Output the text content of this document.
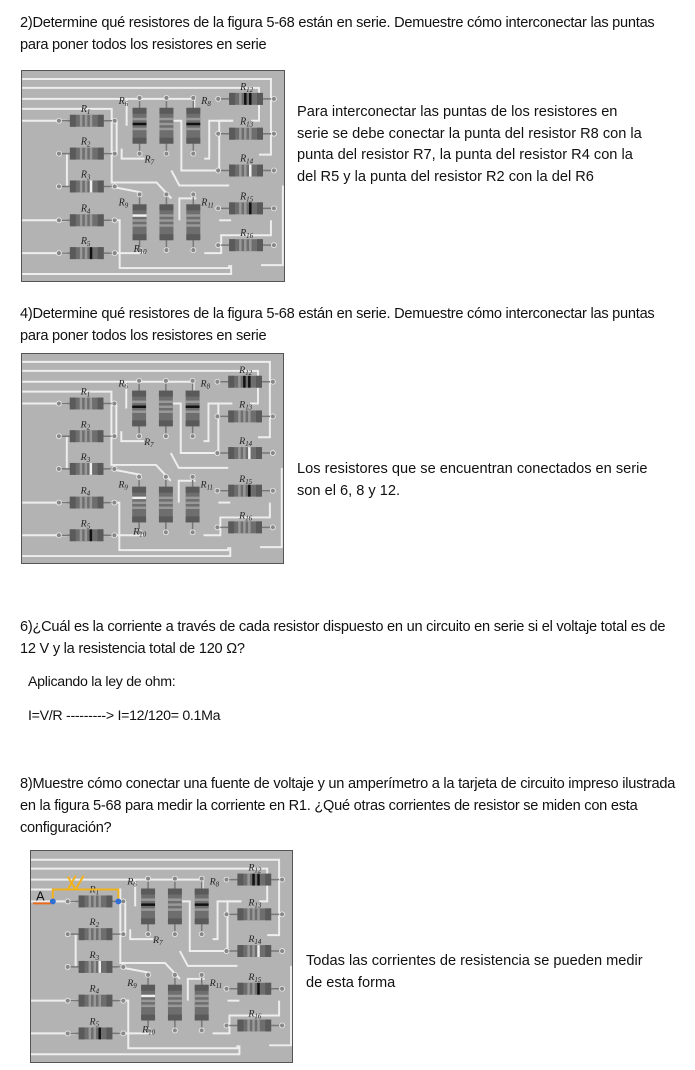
2)Determine qué resistores de la figura 5-68 están en serie. Demuestre cómo interconectar las puntas para poner todos los resistores en serie
$R_1$
$R_2$
$R_3$
$R_4$
$R_5$
$R_{12}$
$R_{13}$
$R_{14}$
$R_{15}$
$R_{16}$
$R_6$
$R_7$
$R_8$
$R_9$
$R_{10}$
$R_{11}$
Para interconectar las puntas de los resistores en
serie se debe conectar la punta del resistor R8 con la
punta del resistor R7, la punta del resistor R4 con la
del R5 y la punta del resistor R2 con la del R6
4)Determine qué resistores de la figura 5-68 están en serie. Demuestre cómo interconectar las puntas para poner todos los resistores en serie
$R_1$
$R_2$
$R_3$
$R_4$
$R_5$
$R_{12}$
$R_{13}$
$R_{14}$
$R_{15}$
$R_{16}$
$R_6$
$R_7$
$R_8$
$R_9$
$R_{10}$
$R_{11}$
Los resistores que se encuentran conectados en serie
son el 6, 8 y 12.
6)¿Cuál es la corriente a través de cada resistor dispuesto en un circuito en serie si el voltaje total es de 12 V y la resistencia total de 120 Ω?
Aplicando la ley de ohm:
I=V/R ---------> I=12/120= 0.1Ma
8)Muestre cómo conectar una fuente de voltaje y un amperímetro a la tarjeta de circuito impreso ilustrada en la figura 5-68 para medir la corriente en R1. ¿Qué otras corrientes de resistor se miden con esta configuración?
$R_1$
$R_2$
$R_3$
$R_4$
$R_5$
$R_{12}$
$R_{13}$
$R_{14}$
$R_{15}$
$R_{16}$
$R_6$
$R_7$
$R_8$
$R_9$
$R_{10}$
$R_{11}$
A
Todas las corrientes de resistencia se pueden medir
de esta forma
